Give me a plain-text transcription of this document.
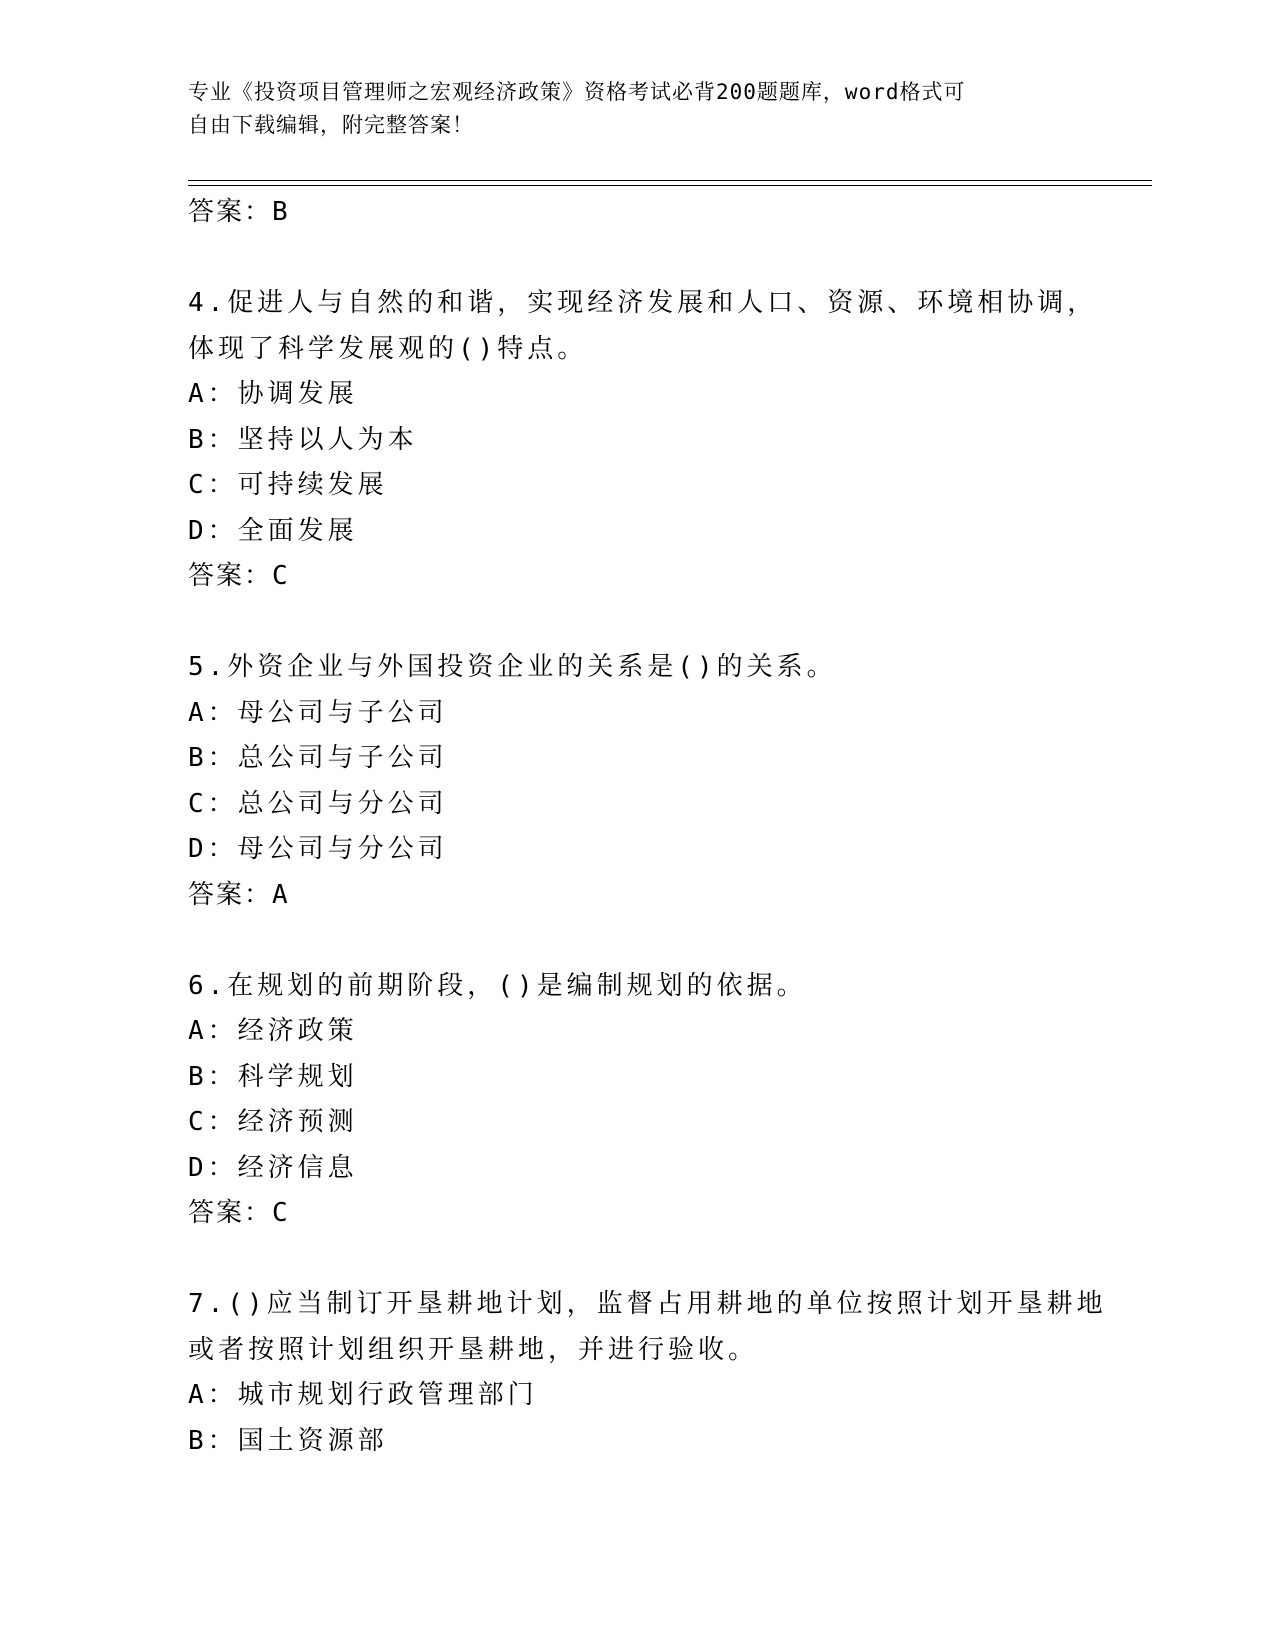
专业《投资项目管理师之宏观经济政策》资格考试必背200题题库，word格式可
自由下载编辑，附完整答案！
答案：B
4.促进人与自然的和谐，实现经济发展和人口、资源、环境相协调，
体现了科学发展观的()特点。
A：协调发展
B：坚持以人为本
C：可持续发展
D：全面发展
答案：C
5.外资企业与外国投资企业的关系是()的关系。
A：母公司与子公司
B：总公司与子公司
C：总公司与分公司
D：母公司与分公司
答案：A
6.在规划的前期阶段，()是编制规划的依据。
A：经济政策
B：科学规划
C：经济预测
D：经济信息
答案：C
7.()应当制订开垦耕地计划，监督占用耕地的单位按照计划开垦耕地
或者按照计划组织开垦耕地，并进行验收。
A：城市规划行政管理部门
B：国土资源部
